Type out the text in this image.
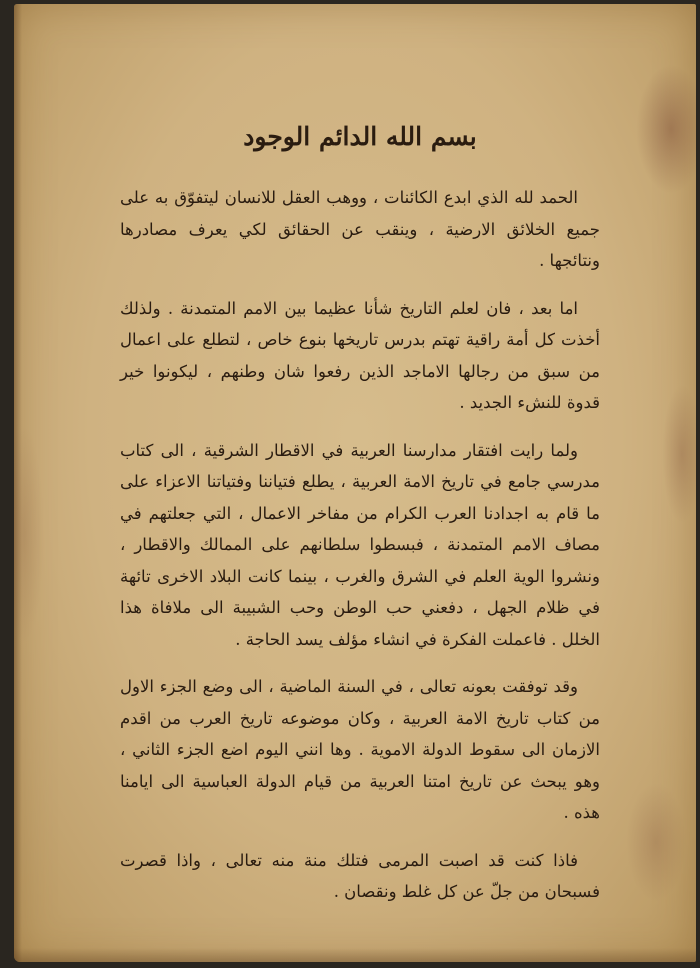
بسم الله الدائم الوجود

الحمد لله الذي ابدع الكائنات ، ووهب العقل للانسان ليتفوّق به على جميع الخلائق الارضية ، وينقب عن الحقائق لكي يعرف مصادرها ونتائجها .

اما بعد ، فان لعلم التاريخ شأنا عظيما بين الامم المتمدنة . ولذلك أخذت كل أمة راقية تهتم بدرس تاريخها بنوع خاص ، لتطلع على اعمال من سبق من رجالها الاماجد الذين رفعوا شان وطنهم ، ليكونوا خير قدوة للنشء الجديد .

ولما رايت افتقار مدارسنا العربية في الاقطار الشرقية ، الى كتاب مدرسي جامع في تاريخ الامة العربية ، يطلع فتياننا وفتياتنا الاعزاء على ما قام به اجدادنا العرب الكرام من مفاخر الاعمال ، التي جعلتهم في مصاف الامم المتمدنة ، فبسطوا سلطانهم على الممالك والاقطار ، ونشروا الوية العلم في الشرق والغرب ، بينما كانت البلاد الاخرى تائهة في ظلام الجهل ، دفعني حب الوطن وحب الشبيبة الى ملافاة هذا الخلل . فاعملت الفكرة في انشاء مؤلف يسد الحاجة .

وقد توفقت بعونه تعالى ، في السنة الماضية ، الى وضع الجزء الاول من كتاب تاريخ الامة العربية ، وكان موضوعه تاريخ العرب من اقدم الازمان الى سقوط الدولة الاموية . وها انني اليوم اضع الجزء الثاني ، وهو يبحث عن تاريخ امتنا العربية من قيام الدولة العباسية الى ايامنا هذه .

فاذا كنت قد اصبت المرمى فتلك منة منه تعالى ، واذا قصرت فسبحان من جلّ عن كل غلط ونقصان .
